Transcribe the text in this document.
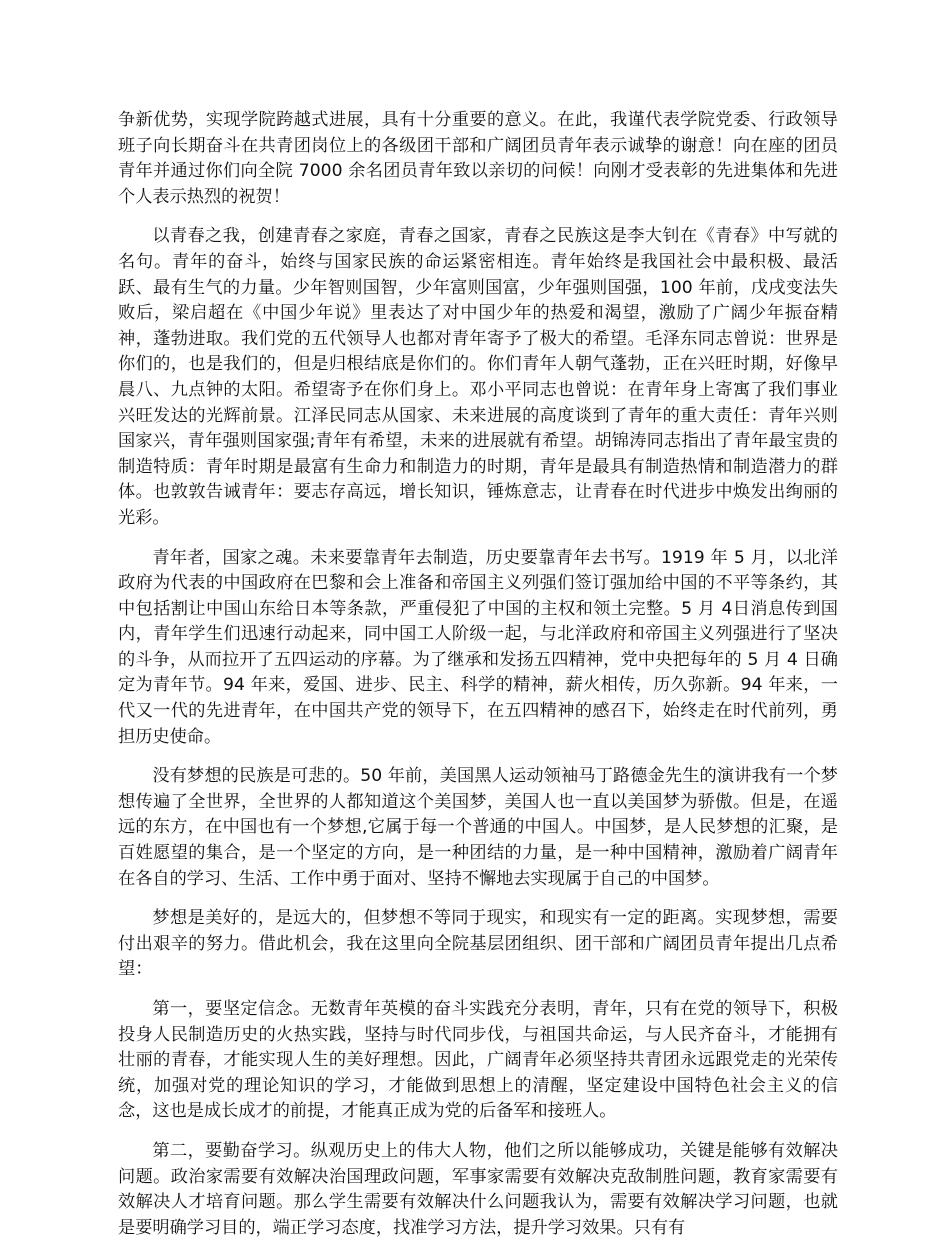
争新优势，实现学院跨越式进展，具有十分重要的意义。在此，我谨代表学院党委、行政领导班子向长期奋斗在共青团岗位上的各级团干部和广阔团员青年表示诚挚的谢意！向在座的团员青年并通过你们向全院 7000 余名团员青年致以亲切的问候！向刚才受表彰的先进集体和先进个人表示热烈的祝贺！

以青春之我，创建青春之家庭，青春之国家，青春之民族这是李大钊在《青春》中写就的名句。青年的奋斗，始终与国家民族的命运紧密相连。青年始终是我国社会中最积极、最活跃、最有生气的力量。少年智则国智，少年富则国富，少年强则国强，100 年前，戊戌变法失败后，梁启超在《中国少年说》里表达了对中国少年的热爱和渴望，激励了广阔少年振奋精神，蓬勃进取。我们党的五代领导人也都对青年寄予了极大的希望。毛泽东同志曾说：世界是你们的，也是我们的，但是归根结底是你们的。你们青年人朝气蓬勃，正在兴旺时期，好像早晨八、九点钟的太阳。希望寄予在你们身上。邓小平同志也曾说：在青年身上寄寓了我们事业兴旺发达的光辉前景。江泽民同志从国家、未来进展的高度谈到了青年的重大责任：青年兴则国家兴，青年强则国家强;青年有希望，未来的进展就有希望。胡锦涛同志指出了青年最宝贵的制造特质：青年时期是最富有生命力和制造力的时期，青年是最具有制造热情和制造潜力的群体。也敦敦告诫青年：要志存高远，增长知识，锤炼意志，让青春在时代进步中焕发出绚丽的光彩。

青年者，国家之魂。未来要靠青年去制造，历史要靠青年去书写。1919 年 5 月，以北洋政府为代表的中国政府在巴黎和会上准备和帝国主义列强们签订强加给中国的不平等条约，其中包括割让中国山东给日本等条款，严重侵犯了中国的主权和领土完整。5 月 4日消息传到国内，青年学生们迅速行动起来，同中国工人阶级一起，与北洋政府和帝国主义列强进行了坚决的斗争，从而拉开了五四运动的序幕。为了继承和发扬五四精神，党中央把每年的 5 月 4 日确定为青年节。94 年来，爱国、进步、民主、科学的精神，薪火相传，历久弥新。94 年来，一代又一代的先进青年，在中国共产党的领导下，在五四精神的感召下，始终走在时代前列，勇担历史使命。

没有梦想的民族是可悲的。50 年前，美国黑人运动领袖马丁路德金先生的演讲我有一个梦想传遍了全世界，全世界的人都知道这个美国梦，美国人也一直以美国梦为骄傲。但是，在遥远的东方，在中国也有一个梦想,它属于每一个普通的中国人。中国梦，是人民梦想的汇聚，是百姓愿望的集合，是一个坚定的方向，是一种团结的力量，是一种中国精神，激励着广阔青年在各自的学习、生活、工作中勇于面对、坚持不懈地去实现属于自己的中国梦。

梦想是美好的，是远大的，但梦想不等同于现实，和现实有一定的距离。实现梦想，需要付出艰辛的努力。借此机会，我在这里向全院基层团组织、团干部和广阔团员青年提出几点希望：

第一，要坚定信念。无数青年英模的奋斗实践充分表明，青年，只有在党的领导下，积极投身人民制造历史的火热实践，坚持与时代同步伐，与祖国共命运，与人民齐奋斗，才能拥有壮丽的青春，才能实现人生的美好理想。因此，广阔青年必须坚持共青团永远跟党走的光荣传统，加强对党的理论知识的学习，才能做到思想上的清醒，坚定建设中国特色社会主义的信念，这也是成长成才的前提，才能真正成为党的后备军和接班人。

第二，要勤奋学习。纵观历史上的伟大人物，他们之所以能够成功，关键是能够有效解决问题。政治家需要有效解决治国理政问题，军事家需要有效解决克敌制胜问题，教育家需要有效解决人才培育问题。那么学生需要有效解决什么问题我认为，需要有效解决学习问题，也就是要明确学习目的，端正学习态度，找准学习方法，提升学习效果。只有有
